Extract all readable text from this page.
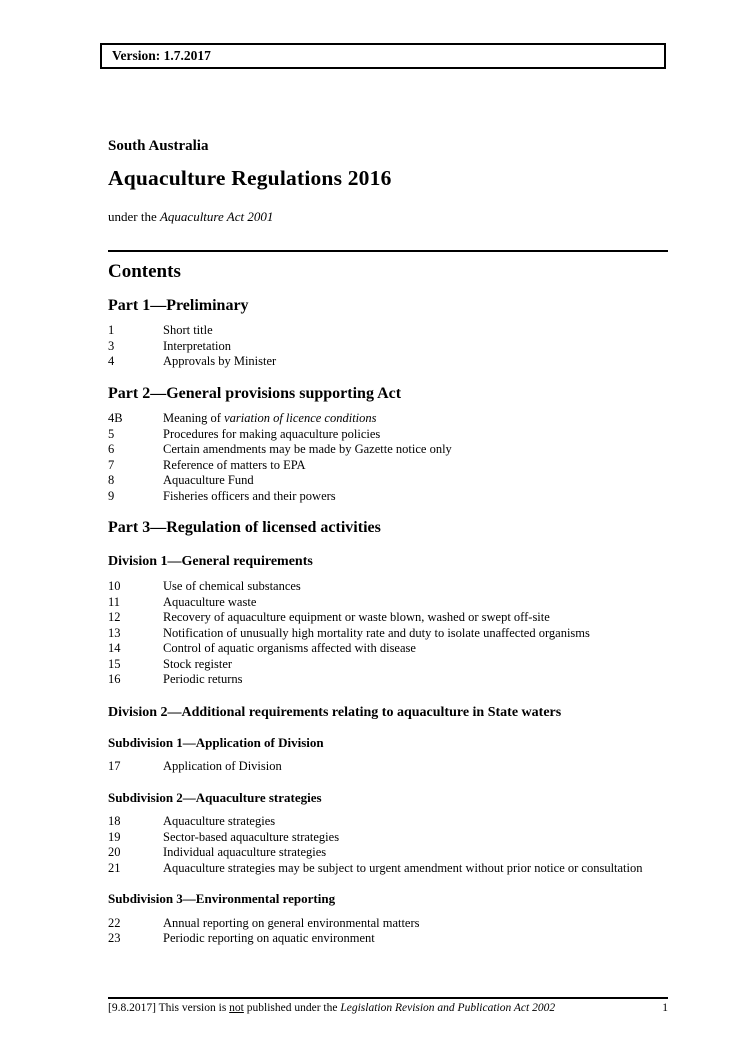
Version: 1.7.2017
South Australia
Aquaculture Regulations 2016
under the Aquaculture Act 2001
Contents
Part 1—Preliminary
1	Short title
3	Interpretation
4	Approvals by Minister
Part 2—General provisions supporting Act
4B	Meaning of variation of licence conditions
5	Procedures for making aquaculture policies
6	Certain amendments may be made by Gazette notice only
7	Reference of matters to EPA
8	Aquaculture Fund
9	Fisheries officers and their powers
Part 3—Regulation of licensed activities
Division 1—General requirements
10	Use of chemical substances
11	Aquaculture waste
12	Recovery of aquaculture equipment or waste blown, washed or swept off-site
13	Notification of unusually high mortality rate and duty to isolate unaffected organisms
14	Control of aquatic organisms affected with disease
15	Stock register
16	Periodic returns
Division 2—Additional requirements relating to aquaculture in State waters
Subdivision 1—Application of Division
17	Application of Division
Subdivision 2—Aquaculture strategies
18	Aquaculture strategies
19	Sector-based aquaculture strategies
20	Individual aquaculture strategies
21	Aquaculture strategies may be subject to urgent amendment without prior notice or consultation
Subdivision 3—Environmental reporting
22	Annual reporting on general environmental matters
23	Periodic reporting on aquatic environment
[9.8.2017] This version is not published under the Legislation Revision and Publication Act 2002	1
